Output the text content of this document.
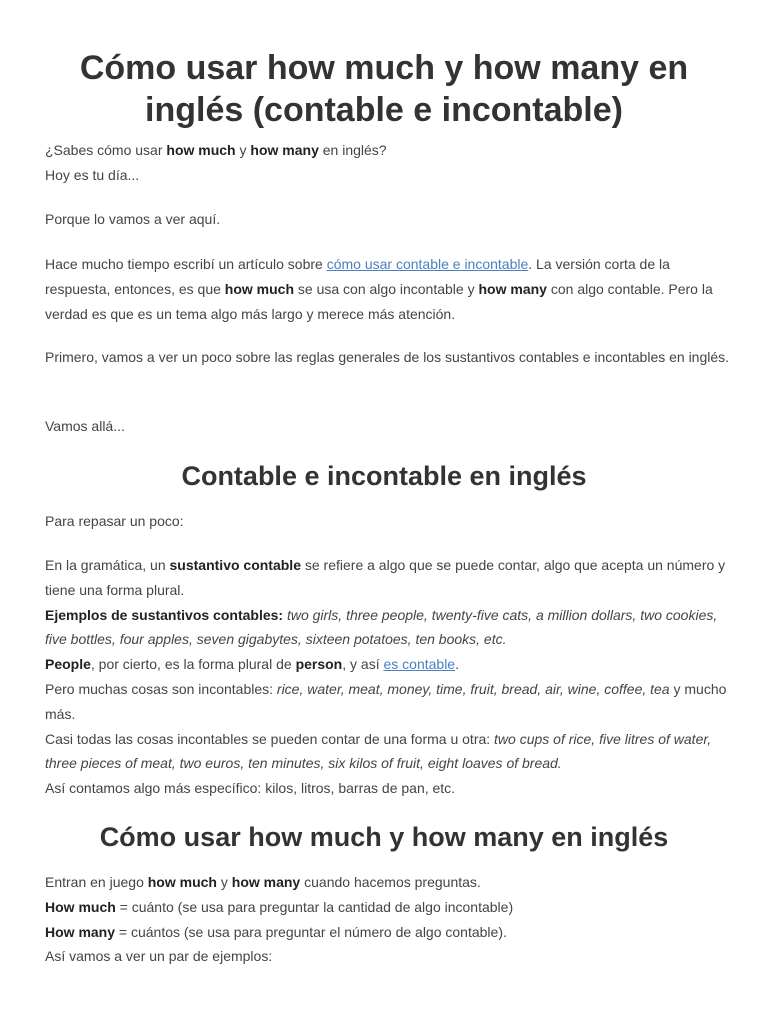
Cómo usar how much y how many en inglés (contable e incontable)

¿Sabes cómo usar how much y how many en inglés?
Hoy es tu día...

Porque lo vamos a ver aquí.

Hace mucho tiempo escribí un artículo sobre cómo usar contable e incontable. La versión corta de la respuesta, entonces, es que how much se usa con algo incontable y how many con algo contable. Pero la verdad es que es un tema algo más largo y merece más atención.

Primero, vamos a ver un poco sobre las reglas generales de los sustantivos contables e incontables en inglés.

Vamos allá...

Contable e incontable en inglés

Para repasar un poco:

En la gramática, un sustantivo contable se refiere a algo que se puede contar, algo que acepta un número y tiene una forma plural.
Ejemplos de sustantivos contables: two girls, three people, twenty-five cats, a million dollars, two cookies, five bottles, four apples, seven gigabytes, sixteen potatoes, ten books, etc.
People, por cierto, es la forma plural de person, y así es contable.
Pero muchas cosas son incontables: rice, water, meat, money, time, fruit, bread, air, wine, coffee, tea y mucho más.
Casi todas las cosas incontables se pueden contar de una forma u otra: two cups of rice, five litres of water, three pieces of meat, two euros, ten minutes, six kilos of fruit, eight loaves of bread.
Así contamos algo más específico: kilos, litros, barras de pan, etc.

Cómo usar how much y how many en inglés

Entran en juego how much y how many cuando hacemos preguntas.
How much = cuánto (se usa para preguntar la cantidad de algo incontable)
How many = cuántos (se usa para preguntar el número de algo contable).
Así vamos a ver un par de ejemplos:
